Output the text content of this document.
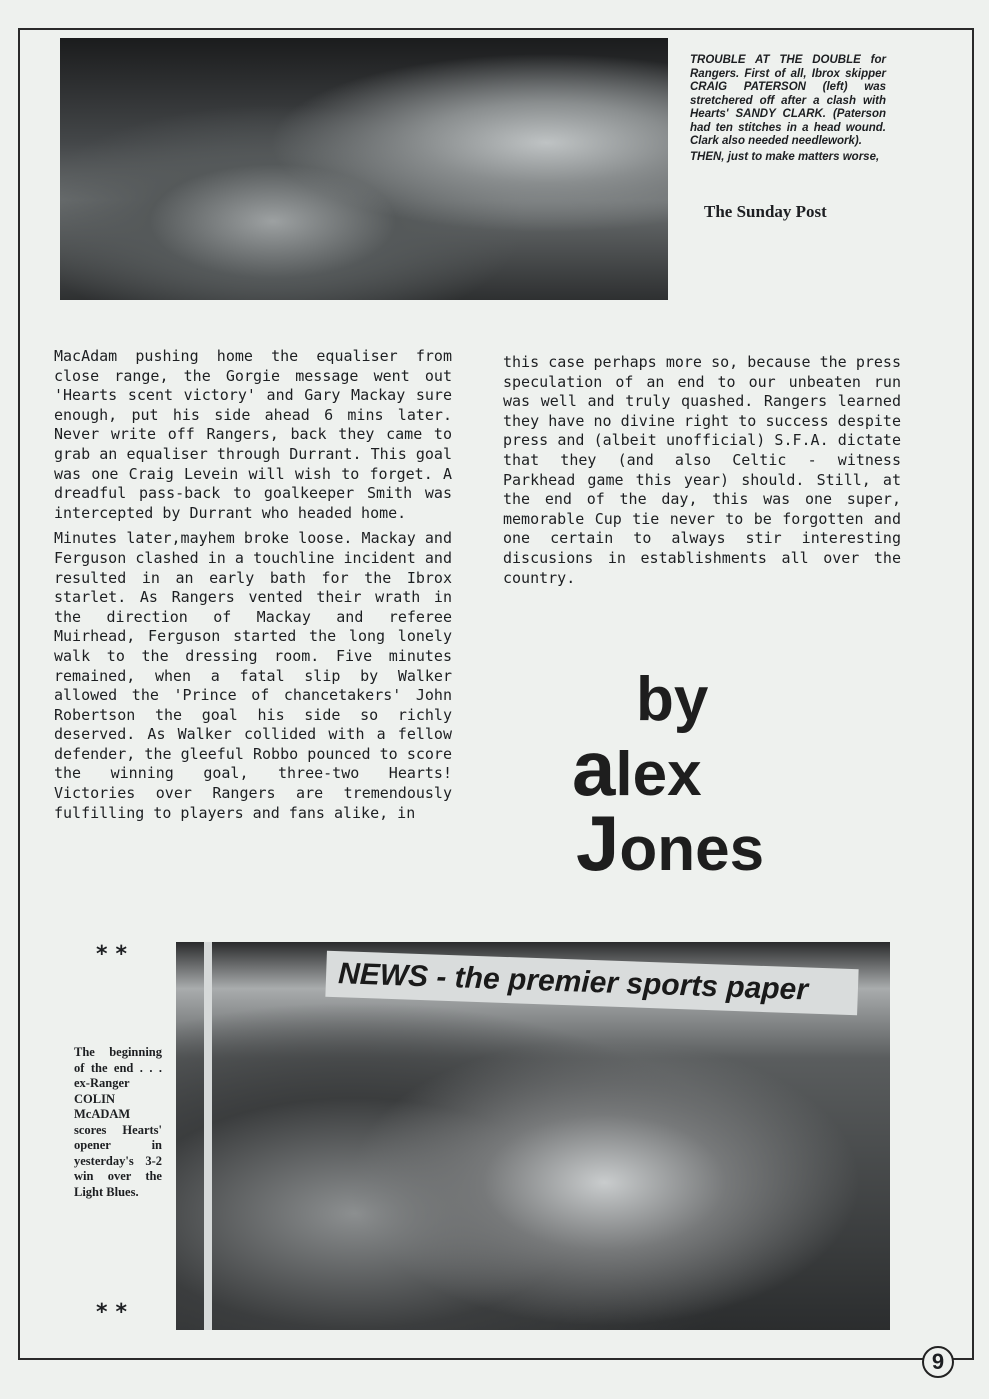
TROUBLE AT THE DOUBLE for Rangers. First of all, Ibrox skipper CRAIG PATERSON (left) was stretchered off after a clash with Hearts' SANDY CLARK. (Paterson had ten stitches in a head wound. Clark also needed needlework).

THEN, just to make matters worse,

The Sunday Post

MacAdam pushing home the equaliser from close range, the Gorgie message went out 'Hearts scent victory' and Gary Mackay sure enough, put his side ahead 6 mins later. Never write off Rangers, back they came to grab an equaliser through Durrant. This goal was one Craig Levein will wish to forget. A dreadful pass-back to goalkeeper Smith was intercepted by Durrant who headed home.

Minutes later,mayhem broke loose. Mackay and Ferguson clashed in a touchline incident and resulted in an early bath for the Ibrox starlet. As Rangers vented their wrath in the direction of Mackay and referee Muirhead, Ferguson started the long lonely walk to the dressing room. Five minutes remained, when a fatal slip by Walker allowed the 'Prince of chancetakers' John Robertson the goal his side so richly deserved. As Walker collided with a fellow defender, the gleeful Robbo pounced to score the winning goal, three-two Hearts! Victories over Rangers are tremendously fulfilling to players and fans alike, in

this case perhaps more so, because the press speculation of an end to our unbeaten run was well and truly quashed. Rangers learned they have no divine right to success despite press and (albeit unofficial) S.F.A. dictate that they (and also Celtic - witness Parkhead game this year) should. Still, at the end of the day, this was one super, memorable Cup tie never to be forgotten and one certain to always stir interesting discusions in establishments all over the country.

by
alex
Jones
**
The beginning of the end . . . ex-Ranger COLIN McADAM scores Hearts' opener in yesterday's 3-2 win over the Light Blues.
**
NEWS - the premier sports paper
9
